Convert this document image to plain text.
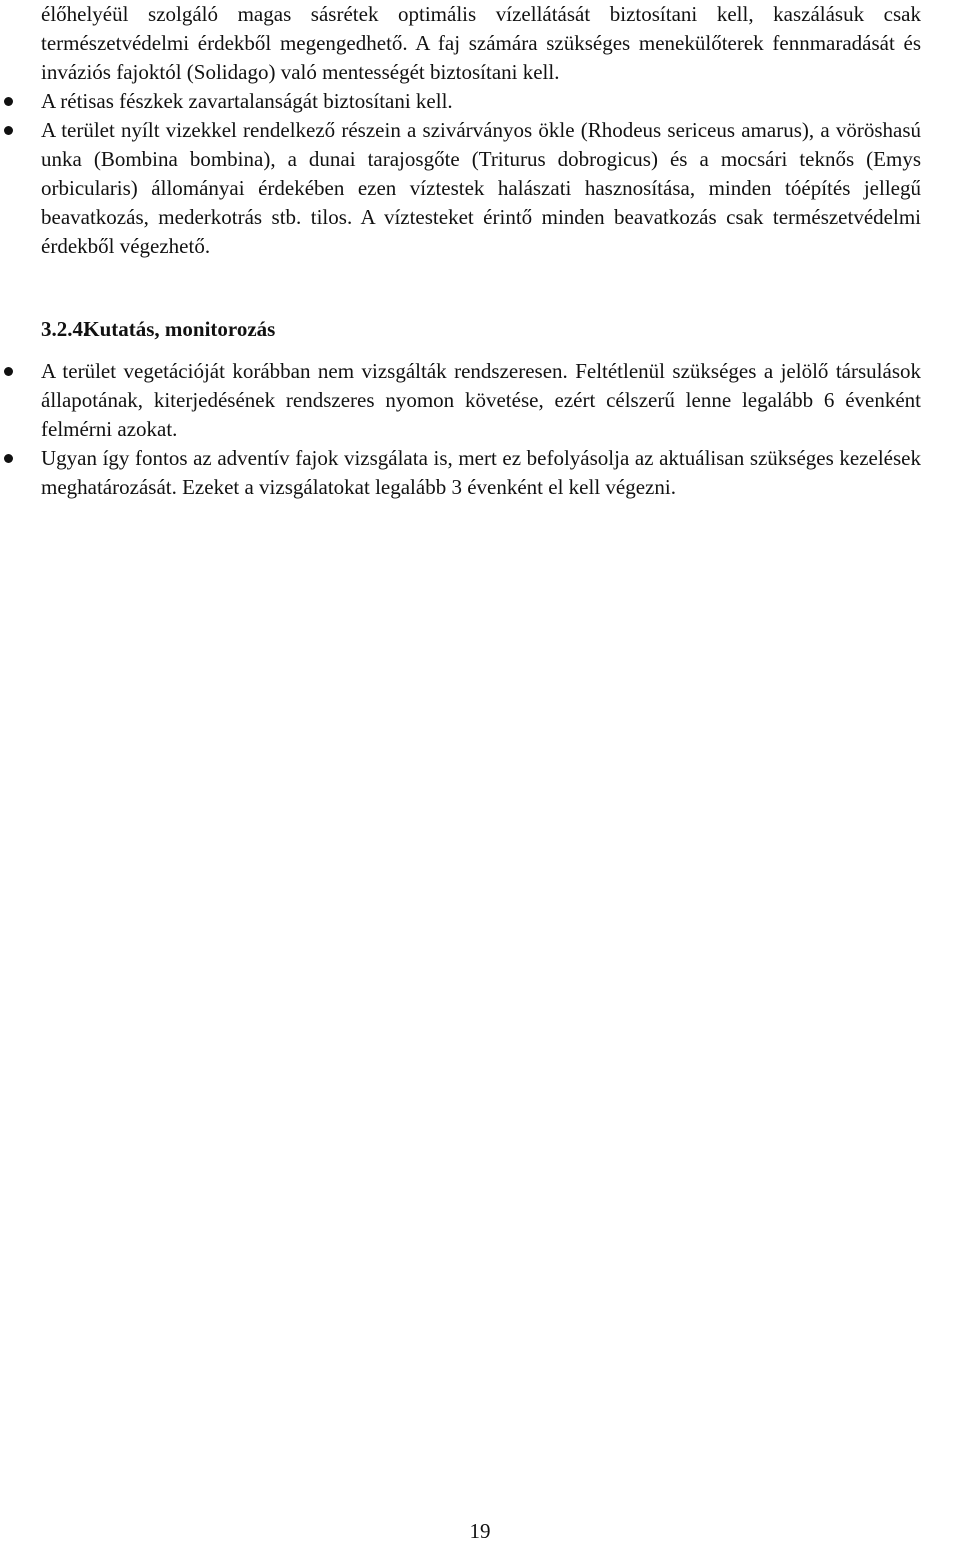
élőhelyéül szolgáló magas sásrétek optimális vízellátását biztosítani kell, kaszálásuk csak természetvédelmi érdekből megengedhető. A faj számára szükséges menekülőterek fennmaradását és inváziós fajoktól (Solidago) való mentességét biztosítani kell.

A rétisas fészkek zavartalanságát biztosítani kell.
A terület nyílt vizekkel rendelkező részein a szivárványos ökle (Rhodeus sericeus amarus), a vöröshasú unka (Bombina bombina), a dunai tarajosgőte (Triturus dobrogicus) és a mocsári teknős (Emys orbicularis) állományai érdekében ezen víztestek halászati hasznosítása, minden tóépítés jellegű beavatkozás, mederkotrás stb. tilos. A víztesteket érintő minden beavatkozás csak természetvédelmi érdekből végezhető.
3.2.4. Kutatás, monitorozás
A terület vegetációját korábban nem vizsgálták rendszeresen. Feltétlenül szükséges a jelölő társulások állapotának, kiterjedésének rendszeres nyomon követése, ezért célszerű lenne legalább 6 évenként felmérni azokat.
Ugyan így fontos az adventív fajok vizsgálata is, mert ez befolyásolja az aktuálisan szükséges kezelések meghatározását. Ezeket a vizsgálatokat legalább 3 évenként el kell végezni.
19
